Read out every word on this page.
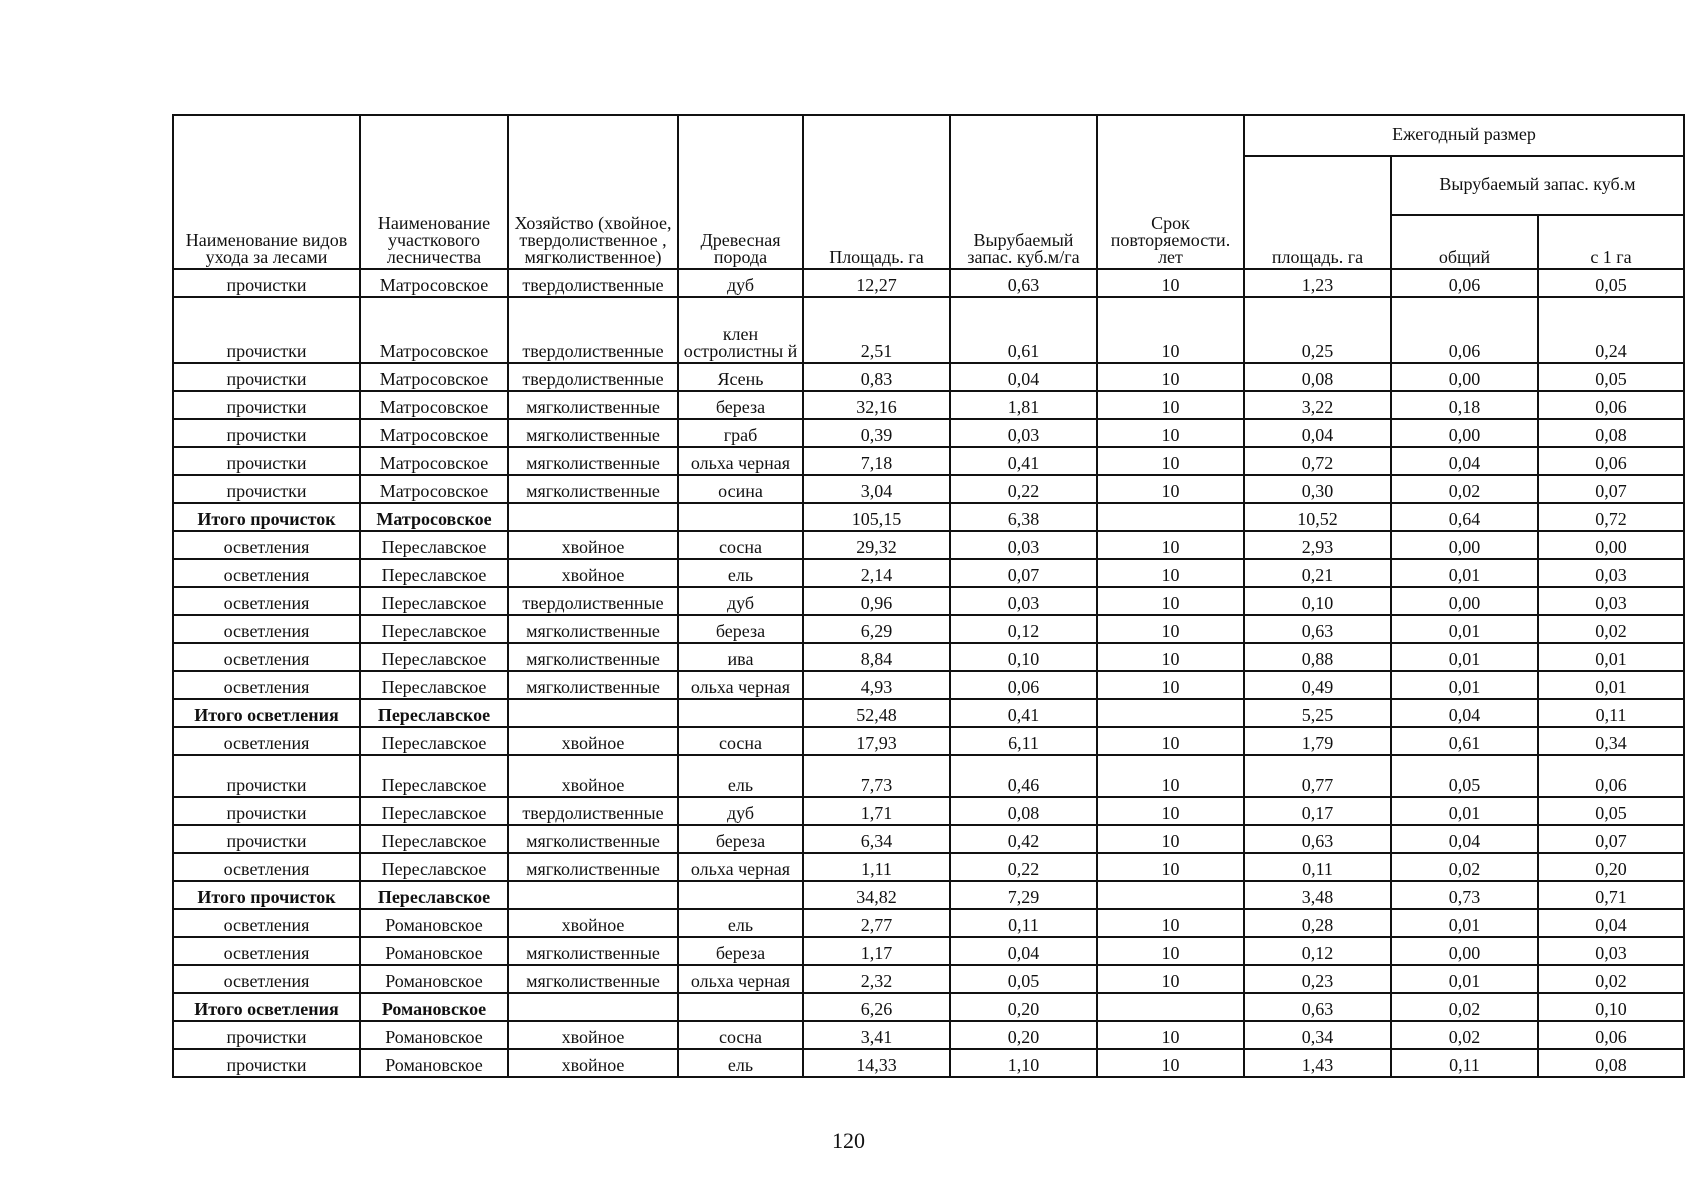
Наименование видов ухода за лесами	Наименование участкового лесничества	Хозяйство (хвойное, твердолиственное , мягколиственное)	Древесная порода	Площадь. га	Вырубаемый запас. куб.м/га	Срок повторяемости. лет	Ежегодный размер		
							площадь. га	Вырубаемый запас. куб.м	
								общий	с 1 га
прочистки	Матросовское	твердолиственные	дуб	12,27	0,63	10	1,23	0,06	0,05
прочистки	Матросовское	твердолиственные	клен остролистны й	2,51	0,61	10	0,25	0,06	0,24
прочистки	Матросовское	твердолиственные	Ясень	0,83	0,04	10	0,08	0,00	0,05
прочистки	Матросовское	мягколиственные	береза	32,16	1,81	10	3,22	0,18	0,06
прочистки	Матросовское	мягколиственные	граб	0,39	0,03	10	0,04	0,00	0,08
прочистки	Матросовское	мягколиственные	ольха черная	7,18	0,41	10	0,72	0,04	0,06
прочистки	Матросовское	мягколиственные	осина	3,04	0,22	10	0,30	0,02	0,07
Итого прочисток	Матросовское			105,15	6,38		10,52	0,64	0,72
осветления	Переславское	хвойное	сосна	29,32	0,03	10	2,93	0,00	0,00
осветления	Переславское	хвойное	ель	2,14	0,07	10	0,21	0,01	0,03
осветления	Переславское	твердолиственные	дуб	0,96	0,03	10	0,10	0,00	0,03
осветления	Переславское	мягколиственные	береза	6,29	0,12	10	0,63	0,01	0,02
осветления	Переславское	мягколиственные	ива	8,84	0,10	10	0,88	0,01	0,01
осветления	Переславское	мягколиственные	ольха черная	4,93	0,06	10	0,49	0,01	0,01
Итого осветления	Переславское			52,48	0,41		5,25	0,04	0,11
осветления	Переславское	хвойное	сосна	17,93	6,11	10	1,79	0,61	0,34
прочистки	Переславское	хвойное	ель	7,73	0,46	10	0,77	0,05	0,06
прочистки	Переславское	твердолиственные	дуб	1,71	0,08	10	0,17	0,01	0,05
прочистки	Переславское	мягколиственные	береза	6,34	0,42	10	0,63	0,04	0,07
осветления	Переславское	мягколиственные	ольха черная	1,11	0,22	10	0,11	0,02	0,20
Итого прочисток	Переславское			34,82	7,29		3,48	0,73	0,71
осветления	Романовское	хвойное	ель	2,77	0,11	10	0,28	0,01	0,04
осветления	Романовское	мягколиственные	береза	1,17	0,04	10	0,12	0,00	0,03
осветления	Романовское	мягколиственные	ольха черная	2,32	0,05	10	0,23	0,01	0,02
Итого осветления	Романовское			6,26	0,20		0,63	0,02	0,10
прочистки	Романовское	хвойное	сосна	3,41	0,20	10	0,34	0,02	0,06
прочистки	Романовское	хвойное	ель	14,33	1,10	10	1,43	0,11	0,08
120
